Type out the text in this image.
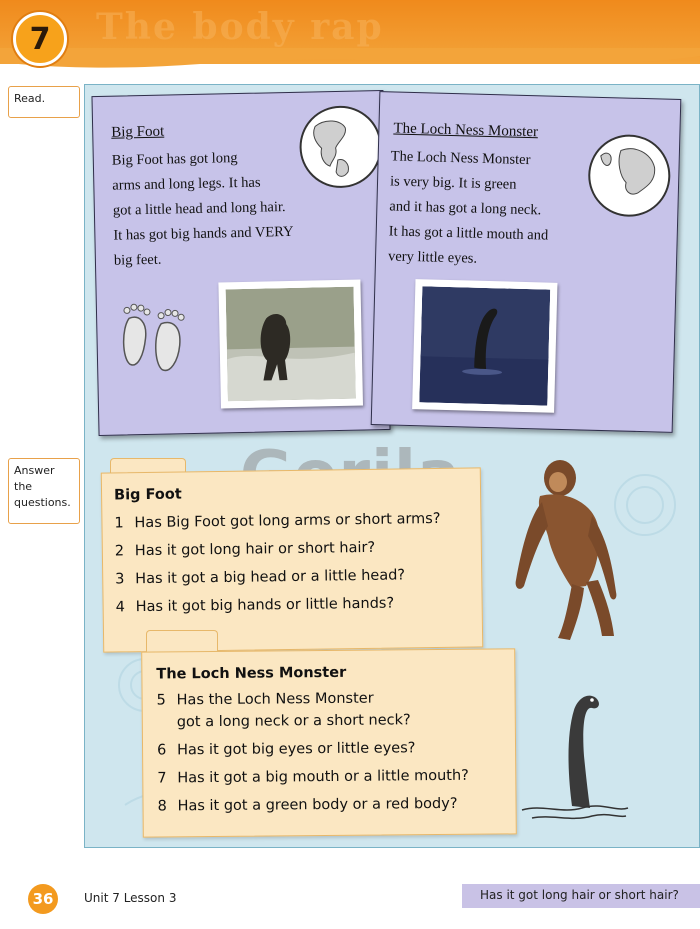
7 The body rap
Read.
Answer
the
questions.
Big Foot
Big Foot has got long
arms and long legs. It has
got a little head and long hair.
It has got big hands and VERY
big feet.
The Loch Ness Monster
The Loch Ness Monster
is very big. It is green
and it has got a long neck.
It has got a little mouth and
very little eyes.
Big Foot
1 Has Big Foot got long arms or short arms?
2 Has it got long hair or short hair?
3 Has it got a big head or a little head?
4 Has it got big hands or little hands?
The Loch Ness Monster
5 Has the Loch Ness Monster
got a long neck or a short neck?
6 Has it got big eyes or little eyes?
7 Has it got a big mouth or a little mouth?
8 Has it got a green body or a red body?
36	Unit 7 Lesson 3	Has it got long hair or short hair?
